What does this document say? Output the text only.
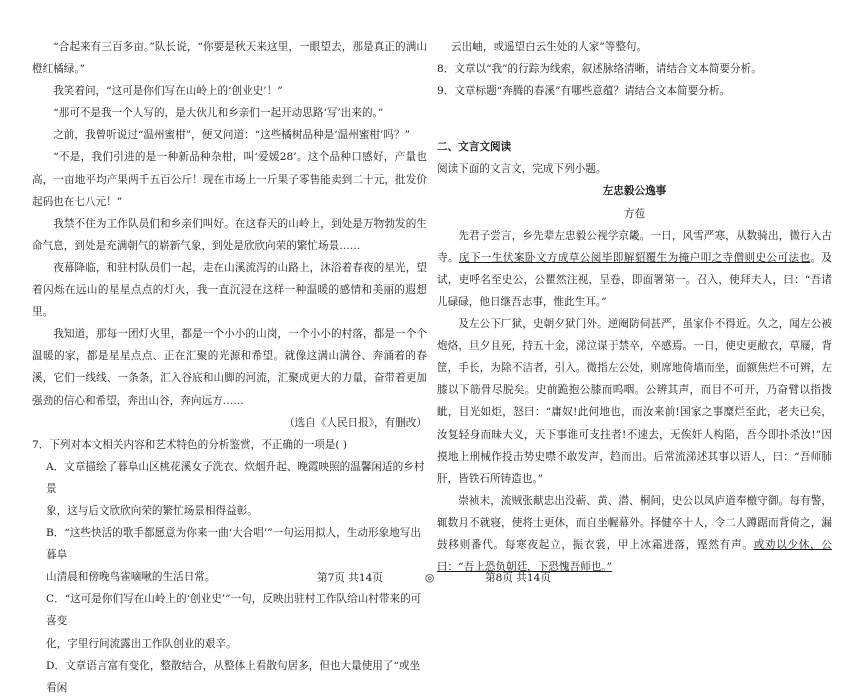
“合起来有三百多亩。”队长说，“你要是秋天来这里，一眼望去，那是真正的满山橙红橘绿。”

我笑着问，“这可是你们写在山岭上的‘创业史’！”

“那可不是我一个人写的，是大伙儿和乡亲们一起开动思路‘写’出来的。”

之前，我曾听说过“温州蜜柑”，便又问道：“这些橘树品种是‘温州蜜柑’吗？”

“不是，我们引进的是一种新品种杂柑，叫‘爱媛28’。这个品种口感好，产量也高，一亩地平均产果两千五百公斤！现在市场上一斤果子零售能卖到二十元，批发价起码也在七八元！”

我禁不住为工作队员们和乡亲们叫好。在这春天的山岭上，到处是万物勃发的生命气息，到处是充满朝气的崭新气象，到处是欣欣向荣的繁忙场景……

夜幕降临，和驻村队员们一起，走在山溪流泻的山路上，沐浴着春夜的星光，望着闪烁在远山的星星点点的灯火，我一直沉浸在这样一种温暖的感情和美丽的遐想里。

我知道，那每一团灯火里，都是一个小小的山岗，一个小小的村落，都是一个个温暖的家，都是星星点点、正在汇聚的光源和希望。就像这满山满谷、奔涌着的春溪，它们一线线、一条条，汇入谷底和山脚的河流，汇聚成更大的力量，奋带着更加强劲的信心和希望，奔出山谷，奔向远方……

（选自《人民日报》，有删改）

7．下列对本文相关内容和艺术特色的分析鉴赏，不正确的一项是( )

A．文章描绘了暮阜山区桃花溪女子洗衣、炊烟升起、晚霞映照的温馨闲适的乡村景
象，这与后文欣欣向荣的繁忙场景相得益彰。

B．“这些快活的歌手都愿意为你来一曲‘大合唱’”一句运用拟人，生动形象地写出暮阜
山清晨和傍晚鸟雀嘀啾的生活日常。

C．“这可是你们写在山岭上的‘创业史’”一句，反映出驻村工作队给山村带来的可喜变
化，字里行间流露出工作队创业的艰辛。

D．文章语言富有变化，整散结合，从整体上看散句居多，但也大量使用了“或坐看闲

云出岫，或遥望白云生处的人家”等整句。

8．文章以“我”的行踪为线索，叙述脉络清晰，请结合文本简要分析。

9．文章标题“奔腾的春溪”有哪些意蕴？请结合文本简要分析。

二、文言文阅读

阅读下面的文言文，完成下列小题。

左忠毅公逸事

方苞

先君子尝言，乡先辈左忠毅公视学京畿。一日，风雪严寒，从数骑出，微行入古寺。庑下一生伏案卧文方成草公阅毕即解貂覆生为掩户叩之寺僧则史公可法也。及试，吏呼名至史公，公瞿然注视，呈卷，即面署第一。召入，使拜夫人，曰：“吾诸儿碌碌，他日继吾志事，惟此生耳。”

及左公下厂狱，史朝夕狱门外。逆阉防伺甚严，虽家仆不得近。久之，闻左公被炮烙，旦夕且死，持五十金，涕泣谋于禁卒，卒感焉。一日，使史更敝衣，草屦，背筐，手长，为除不洁者，引入。微指左公处，则席地倚墙而坐，面额焦烂不可辨，左膝以下筋骨尽脱矣。史前跪抱公膝而呜咽。公辨其声，而目不可开，乃奋臂以指拨眦，目光如炬，怒曰：“庸奴!此何地也，而汝来前!国家之事糜烂至此，老夫已矣，汝复轻身而昧大义，天下事谁可支拄者!不速去，无俟奸人构陷，吾今即扑杀汝!”因摸地上刑械作投击势史噤不敢发声，趋而出。后常流涕述其事以语人，曰：“吾师肺肝，皆铁石所铸造也。”

崇祯末，流贼张献忠出没蕲、黄、潜、桐间，史公以凤庐道奉檄守御。每有警，辄数月不就寝，使将士更休，而自坐幄幕外。择健卒十人，令二人蹲踞而背倚之，漏鼓移则番代。每寒夜起立，振衣裳，甲上冰霜迸落，铿然有声。或劝以少休，公曰：“吾上恐负朝廷，下恐愧吾师也。”

第7页 共14页	◎	第8页 共14页
